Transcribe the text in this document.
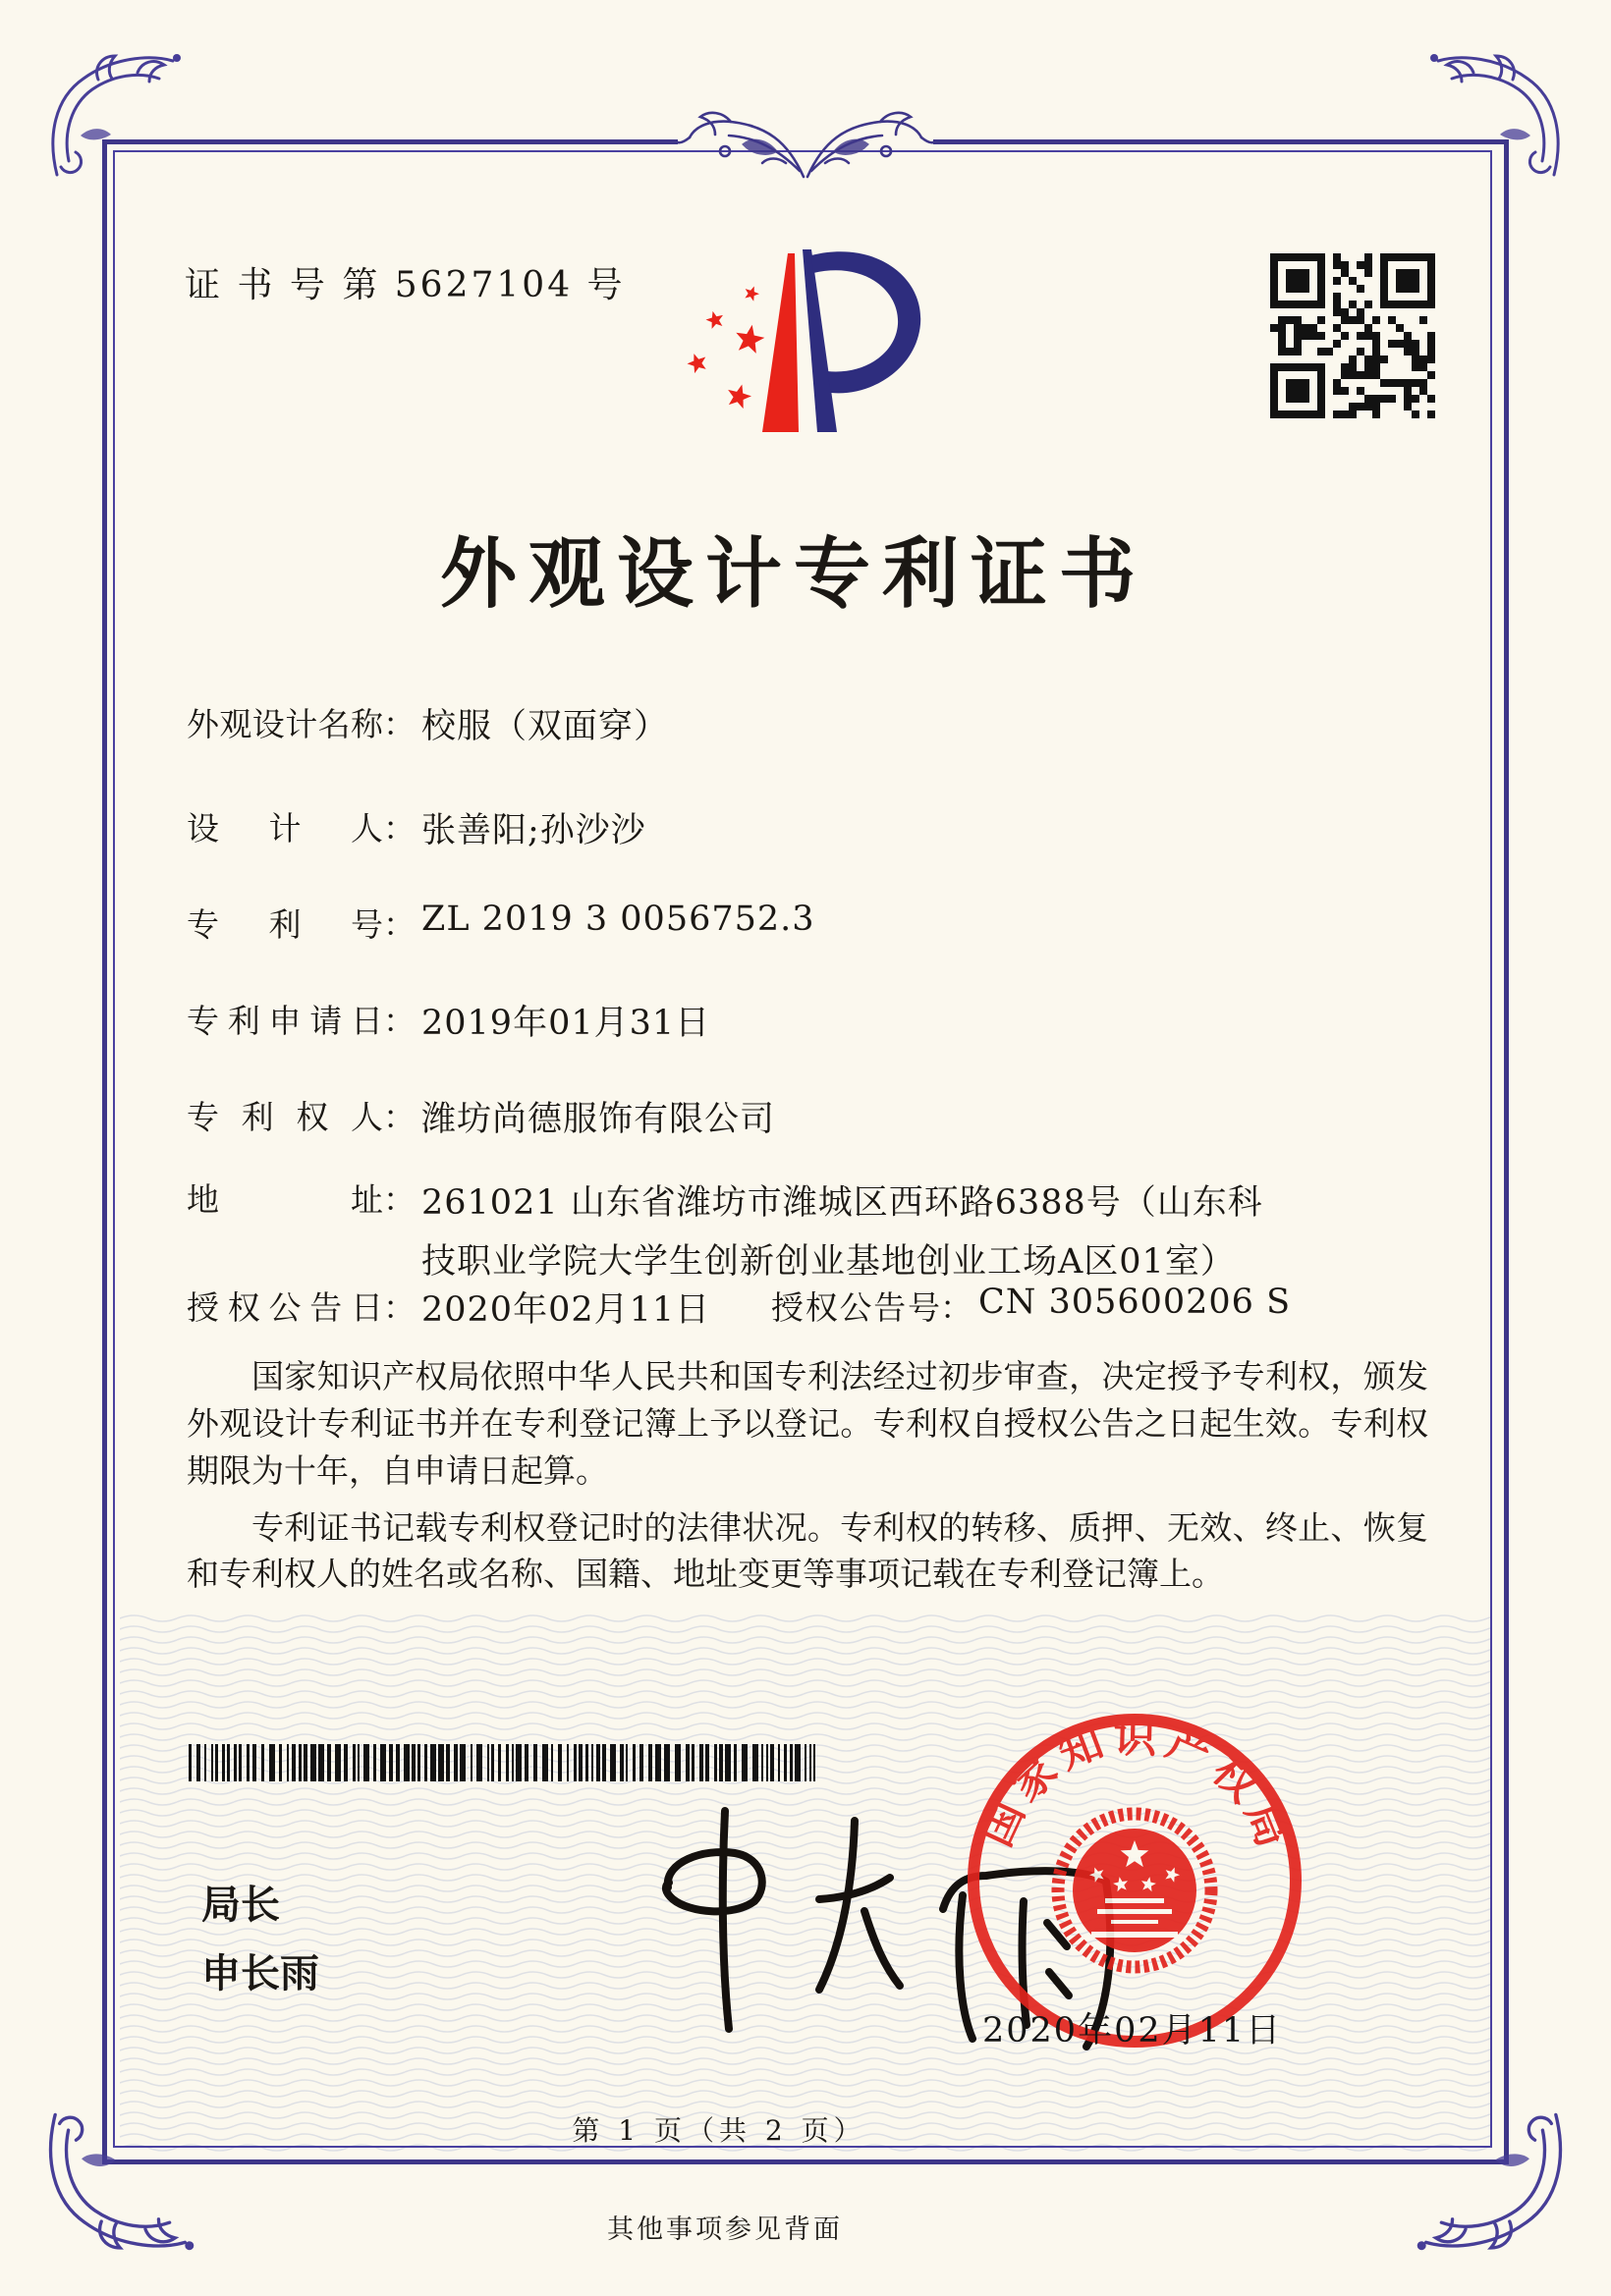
证 书 号 第 5627104 号
外观设计专利证书
外观设计名称： 校服（双面穿）
设计人： 张善阳;孙沙沙
专利号： ZL 2019 3 0056752.3
专利申请日： 2019年01月31日
专利权人： 潍坊尚德服饰有限公司
地址： 261021 山东省潍坊市潍城区西环路6388号（山东科技职业学院大学生创新创业基地创业工场A区01室）
授权公告日： 2020年02月11日 授权公告号： CN 305600206 S

国家知识产权局依照中华人民共和国专利法经过初步审查，决定授予专利权，颁发外观设计专利证书并在专利登记簿上予以登记。专利权自授权公告之日起生效。专利权期限为十年，自申请日起算。

专利证书记载专利权登记时的法律状况。专利权的转移、质押、无效、终止、恢复和专利权人的姓名或名称、国籍、地址变更等事项记载在专利登记簿上。

局长
申长雨
国家知识产权局
2020年02月11日
第 1 页（共 2 页）
其他事项参见背面
